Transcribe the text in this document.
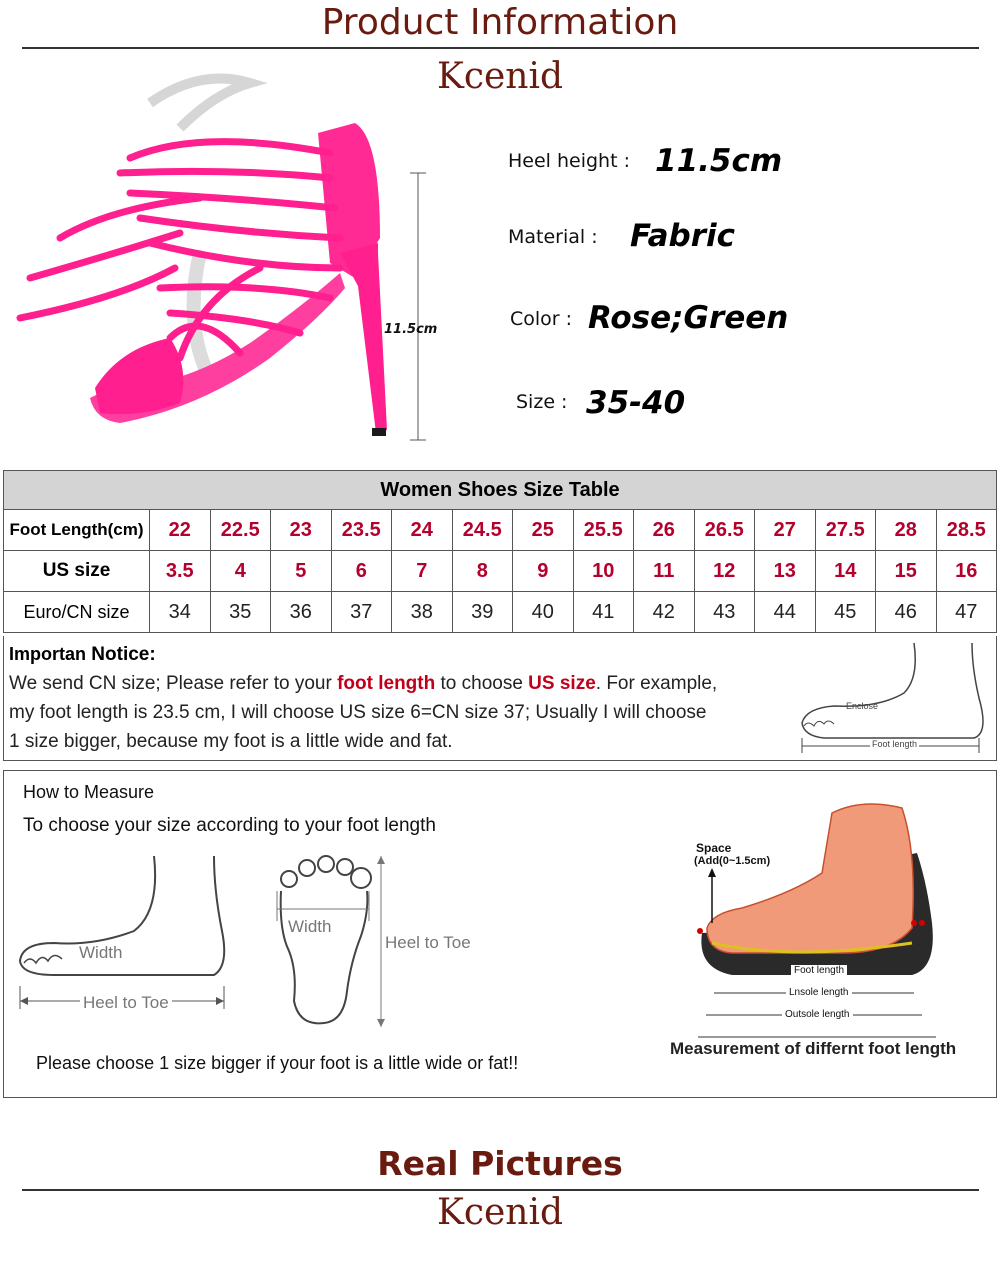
Product Information
Kcenid
11.5cm
Heel height : 11.5cm
Material : Fabric
Color : Rose;Green
Size : 35-40
Women Shoes Size Table														
Foot Length(cm)	22	22.5	23	23.5	24	24.5	25	25.5	26	26.5	27	27.5	28	28.5
US size	3.5	4	5	6	7	8	9	10	11	12	13	14	15	16
Euro/CN size	34	35	36	37	38	39	40	41	42	43	44	45	46	47
Importan Notice:
We send CN size; Please refer to your foot length to choose US size. For example,
my foot length is 23.5 cm, I will choose US size 6=CN size 37; Usually I will choose
1 size bigger, because my foot is a little wide and fat.
Enclose
Foot length
How to Measure
To choose your size according to your foot length
Width
Heel to Toe
Width
Heel to Toe
Please choose 1 size bigger if your foot is a little wide or fat!!
Space
(Add(0~1.5cm)
Foot length
Lnsole length
Outsole length
Measurement of differnt foot length
Real Pictures
Kcenid
